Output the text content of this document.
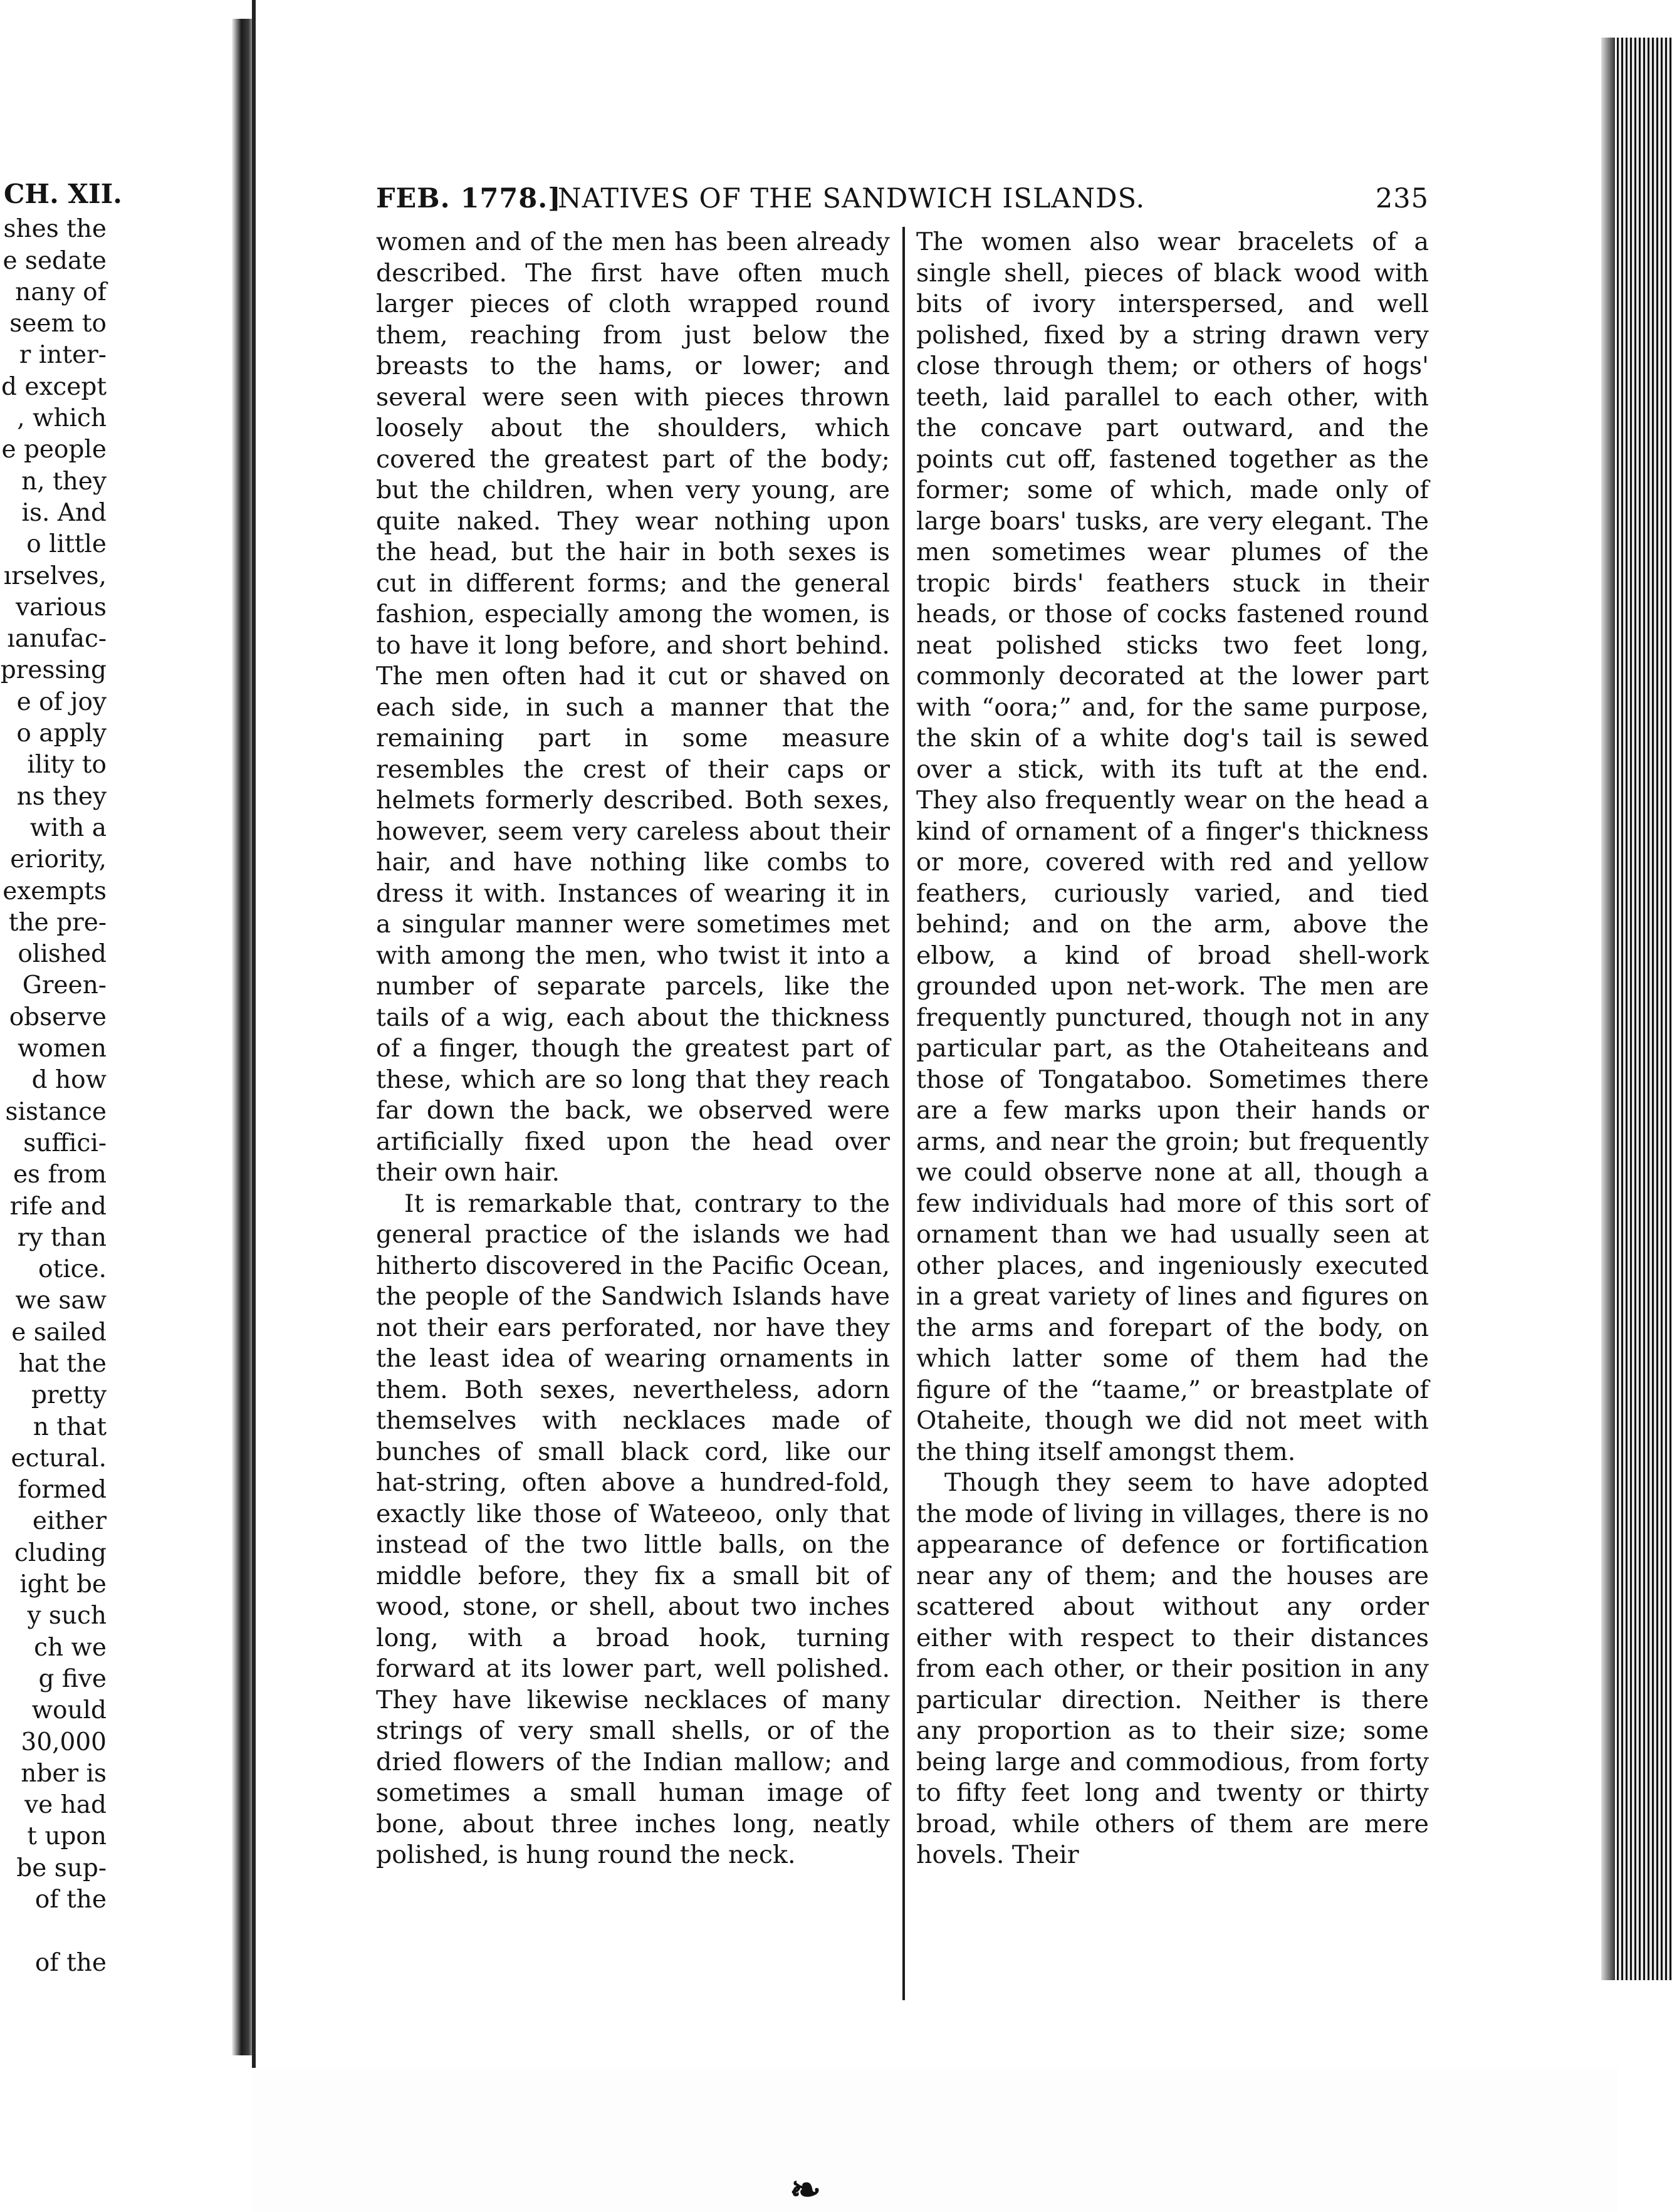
❧
CH. XII.
shes the
e sedate
nany of
seem to
r inter-
d except
, which
e people
n, they
is. And
o little
ırselves,
various
ıanufac-
pressing
e of joy
o apply
ility to
ns they
with a
eriority,
exempts
the pre-
olished
Green-
observe
women
d how
sistance
suffici-
es from
rife and
ry than
otice.
we saw
e sailed
hat the
pretty
n that
ectural.
formed
either
cluding
ight be
y such
ch we
g five
would
30,000
nber is
ve had
t upon
be sup-
of the
of the
FEB. 1778.]
NATIVES OF THE SANDWICH ISLANDS.	235

women and of the men has been already described. The first have often much larger pieces of cloth wrapped round them, reaching from just below the breasts to the hams, or lower; and several were seen with pieces thrown loosely about the shoulders, which covered the greatest part of the body; but the children, when very young, are quite naked. They wear nothing upon the head, but the hair in both sexes is cut in different forms; and the general fashion, especially among the women, is to have it long before, and short behind. The men often had it cut or shaved on each side, in such a manner that the remaining part in some measure resembles the crest of their caps or helmets formerly described. Both sexes, however, seem very careless about their hair, and have nothing like combs to dress it with. Instances of wearing it in a singular manner were sometimes met with among the men, who twist it into a number of separate parcels, like the tails of a wig, each about the thickness of a finger, though the greatest part of these, which are so long that they reach far down the back, we observed were artificially fixed upon the head over their own hair.

It is remarkable that, contrary to the general practice of the islands we had hitherto discovered in the Pacific Ocean, the people of the Sandwich Islands have not their ears perforated, nor have they the least idea of wearing ornaments in them. Both sexes, nevertheless, adorn themselves with necklaces made of bunches of small black cord, like our hat-string, often above a hundred-fold, exactly like those of Wateeoo, only that instead of the two little balls, on the middle before, they fix a small bit of wood, stone, or shell, about two inches long, with a broad hook, turning forward at its lower part, well polished. They have likewise necklaces of many strings of very small shells, or of the dried flowers of the Indian mallow; and sometimes a small human image of bone, about three inches long, neatly polished, is hung round the neck.

The women also wear bracelets of a single shell, pieces of black wood with bits of ivory interspersed, and well polished, fixed by a string drawn very close through them; or others of hogs' teeth, laid parallel to each other, with the concave part outward, and the points cut off, fastened together as the former; some of which, made only of large boars' tusks, are very elegant. The men sometimes wear plumes of the tropic birds' feathers stuck in their heads, or those of cocks fastened round neat polished sticks two feet long, commonly decorated at the lower part with “oora;” and, for the same purpose, the skin of a white dog's tail is sewed over a stick, with its tuft at the end. They also frequently wear on the head a kind of ornament of a finger's thickness or more, covered with red and yellow feathers, curiously varied, and tied behind; and on the arm, above the elbow, a kind of broad shell-work grounded upon net-work. The men are frequently punctured, though not in any particular part, as the Otaheiteans and those of Tongataboo. Sometimes there are a few marks upon their hands or arms, and near the groin; but frequently we could observe none at all, though a few individuals had more of this sort of ornament than we had usually seen at other places, and ingeniously executed in a great variety of lines and figures on the arms and forepart of the body, on which latter some of them had the figure of the “taame,” or breastplate of Otaheite, though we did not meet with the thing itself amongst them.

Though they seem to have adopted the mode of living in villages, there is no appearance of defence or fortification near any of them; and the houses are scattered about without any order either with respect to their distances from each other, or their position in any particular direction. Neither is there any proportion as to their size; some being large and commodious, from forty to fifty feet long and twenty or thirty broad, while others of them are mere hovels. Their
